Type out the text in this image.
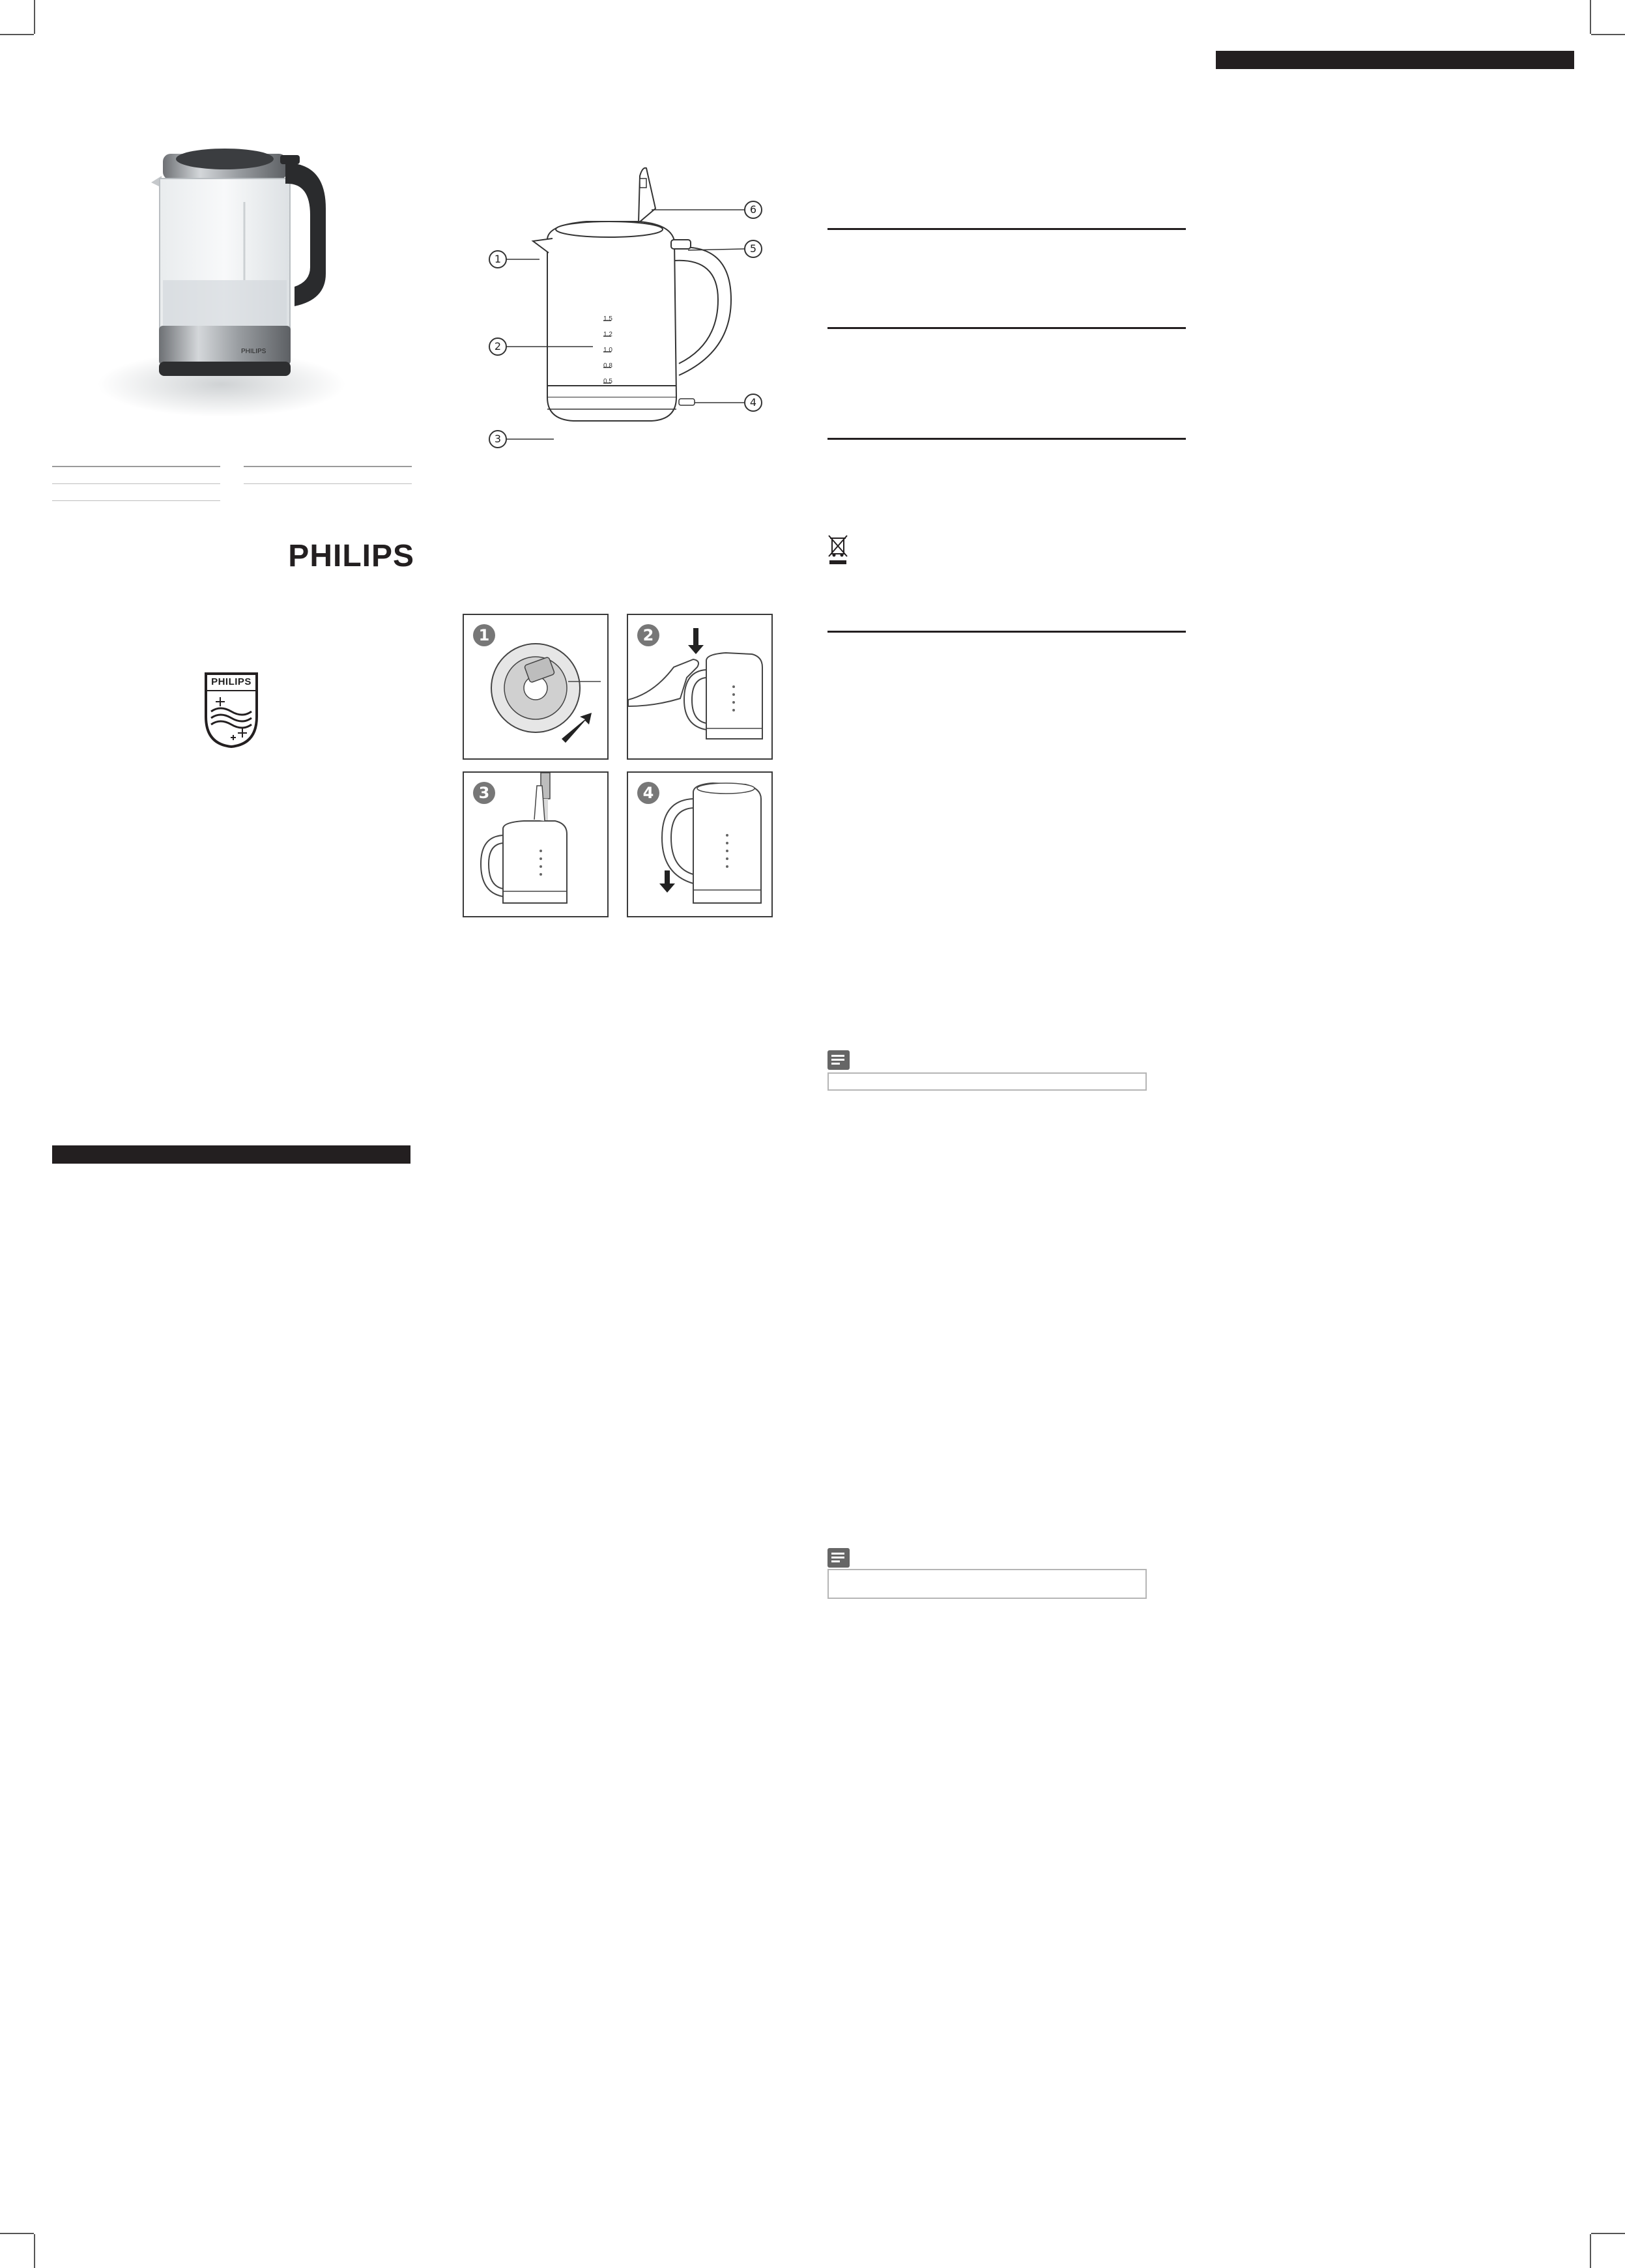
PHILIPS
PHILIPS
PHILIPS
1
2
3
4
5
6
1.5
1.2
1.0
0.8
0.5
1	2
3	4
